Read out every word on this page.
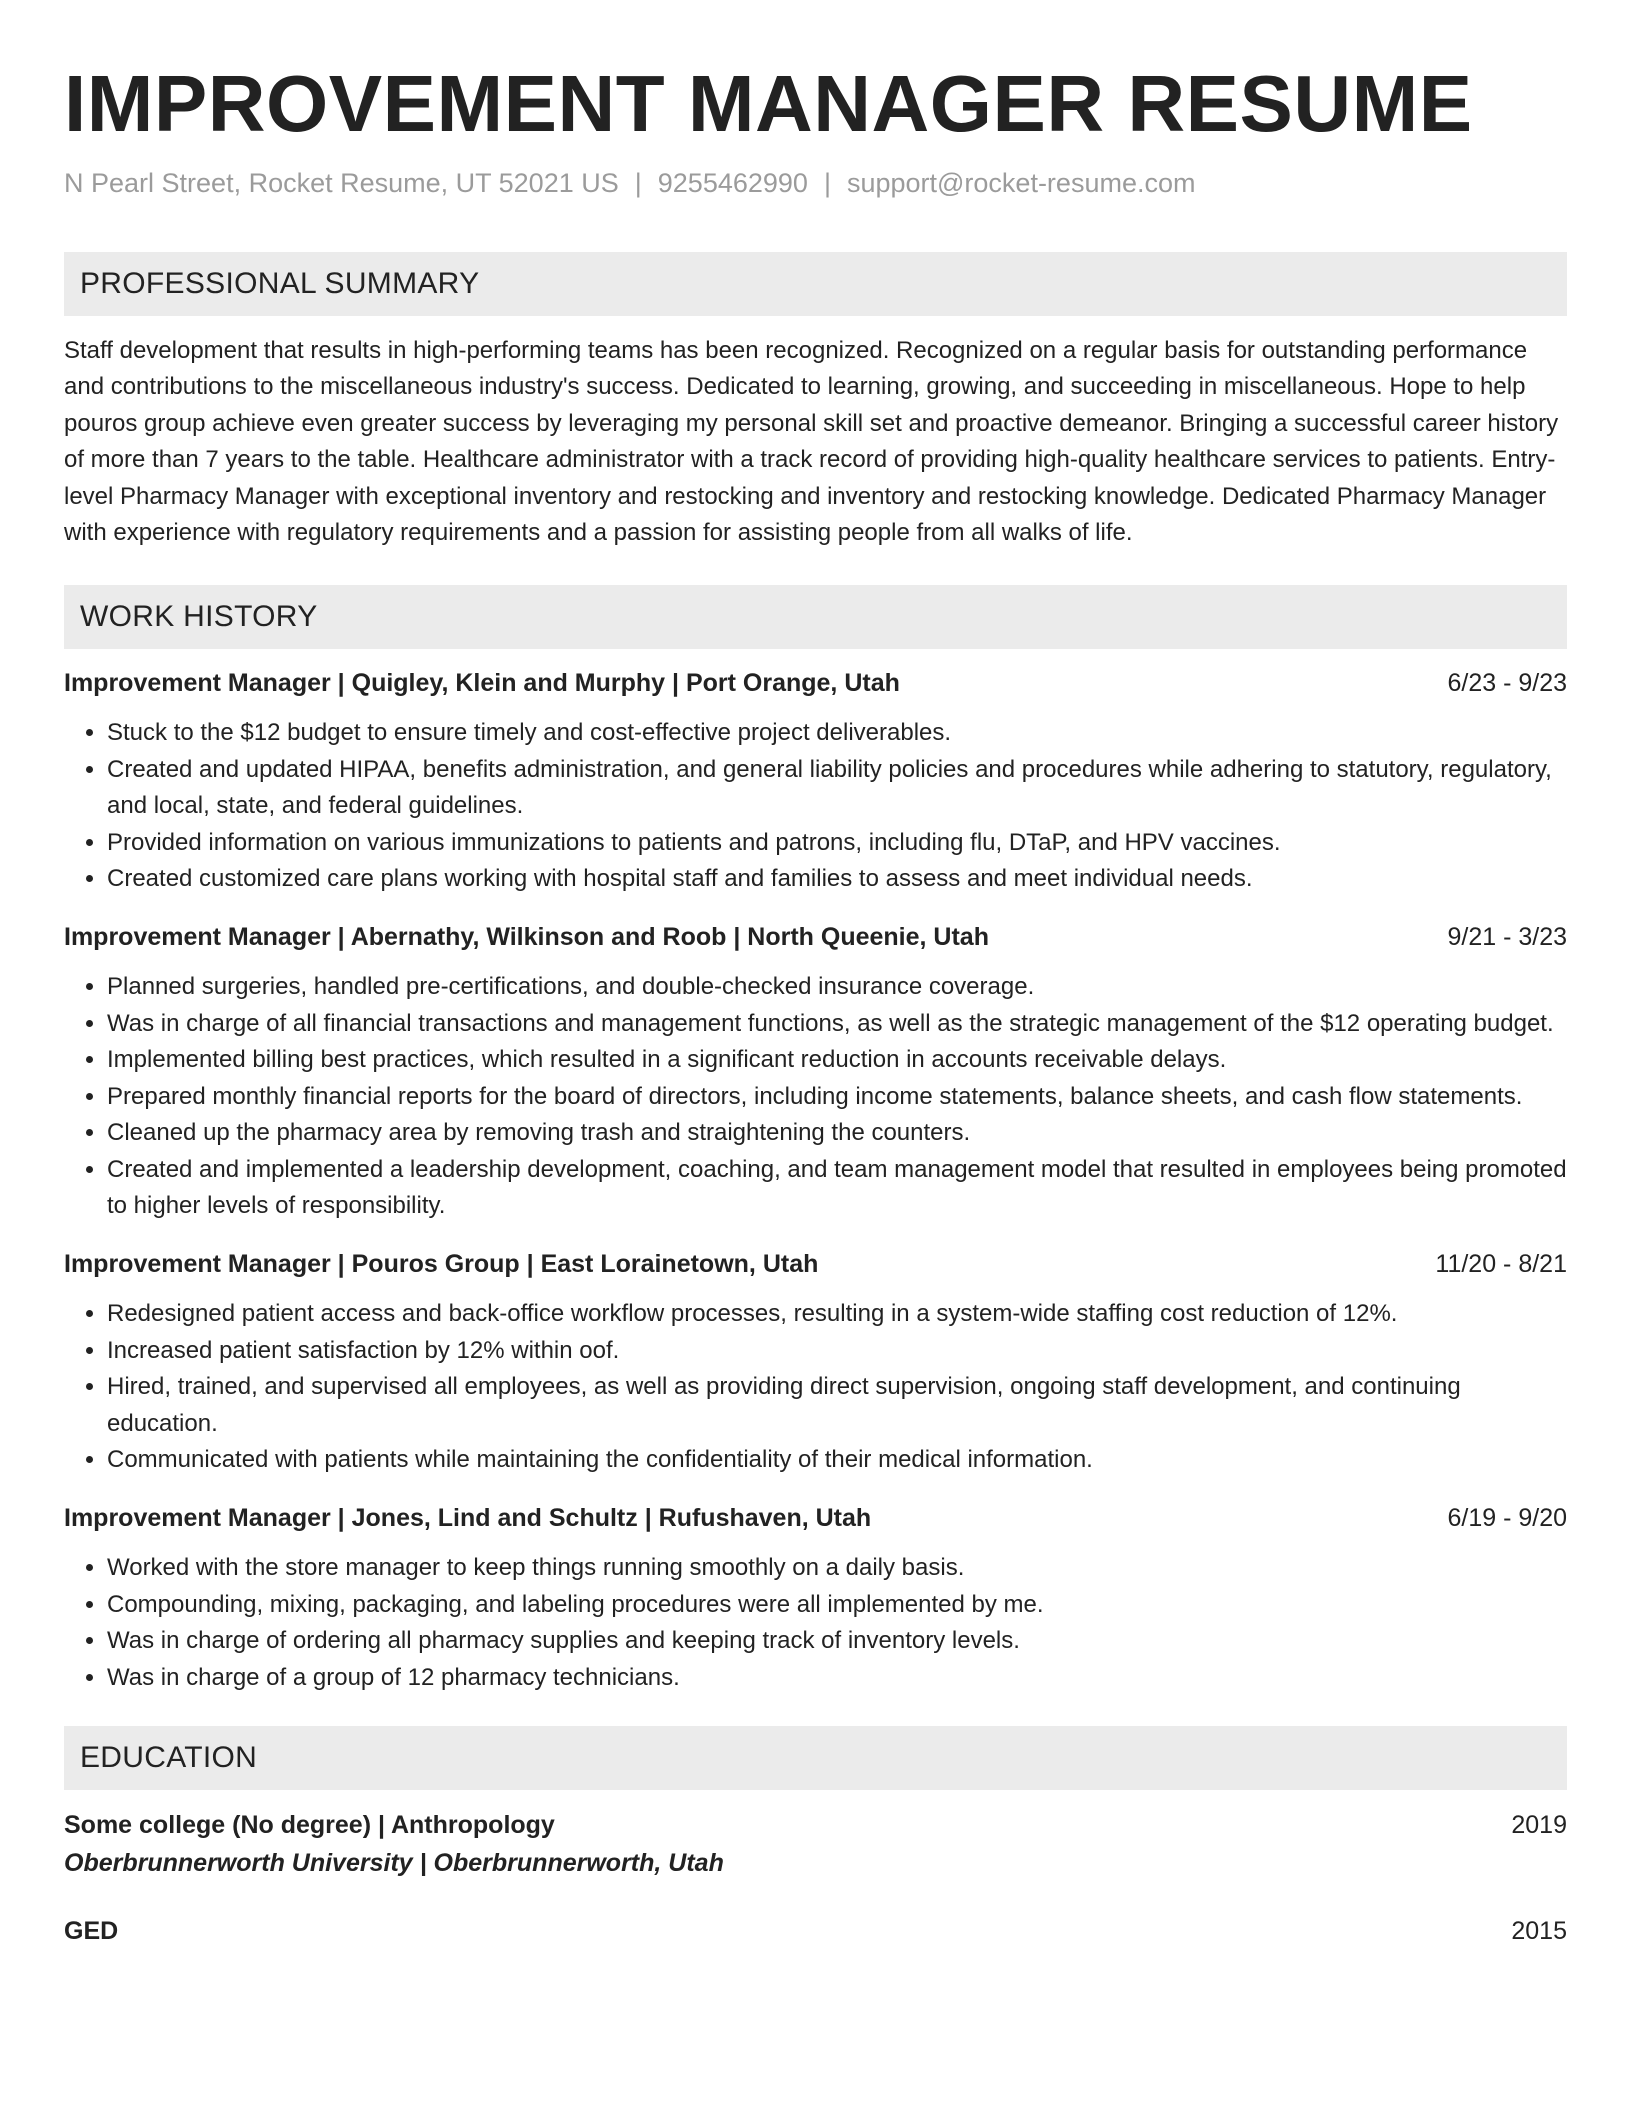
IMPROVEMENT MANAGER RESUME
N Pearl Street, Rocket Resume, UT 52021 US | 9255462990 | support@rocket-resume.com
PROFESSIONAL SUMMARY
Staff development that results in high-performing teams has been recognized. Recognized on a regular basis for outstanding performance and contributions to the miscellaneous industry's success. Dedicated to learning, growing, and succeeding in miscellaneous. Hope to help pouros group achieve even greater success by leveraging my personal skill set and proactive demeanor. Bringing a successful career history of more than 7 years to the table. Healthcare administrator with a track record of providing high-quality healthcare services to patients. Entry-level Pharmacy Manager with exceptional inventory and restocking and inventory and restocking knowledge. Dedicated Pharmacy Manager with experience with regulatory requirements and a passion for assisting people from all walks of life.
WORK HISTORY
Improvement Manager | Quigley, Klein and Murphy | Port Orange, Utah	6/23 - 9/23
• Stuck to the $12 budget to ensure timely and cost-effective project deliverables.
• Created and updated HIPAA, benefits administration, and general liability policies and procedures while adhering to statutory, regulatory, and local, state, and federal guidelines.
• Provided information on various immunizations to patients and patrons, including flu, DTaP, and HPV vaccines.
• Created customized care plans working with hospital staff and families to assess and meet individual needs.
Improvement Manager | Abernathy, Wilkinson and Roob | North Queenie, Utah	9/21 - 3/23
• Planned surgeries, handled pre-certifications, and double-checked insurance coverage.
• Was in charge of all financial transactions and management functions, as well as the strategic management of the $12 operating budget.
• Implemented billing best practices, which resulted in a significant reduction in accounts receivable delays.
• Prepared monthly financial reports for the board of directors, including income statements, balance sheets, and cash flow statements.
• Cleaned up the pharmacy area by removing trash and straightening the counters.
• Created and implemented a leadership development, coaching, and team management model that resulted in employees being promoted to higher levels of responsibility.
Improvement Manager | Pouros Group | East Lorainetown, Utah	11/20 - 8/21
• Redesigned patient access and back-office workflow processes, resulting in a system-wide staffing cost reduction of 12%.
• Increased patient satisfaction by 12% within oof.
• Hired, trained, and supervised all employees, as well as providing direct supervision, ongoing staff development, and continuing education.
• Communicated with patients while maintaining the confidentiality of their medical information.
Improvement Manager | Jones, Lind and Schultz | Rufushaven, Utah	6/19 - 9/20
• Worked with the store manager to keep things running smoothly on a daily basis.
• Compounding, mixing, packaging, and labeling procedures were all implemented by me.
• Was in charge of ordering all pharmacy supplies and keeping track of inventory levels.
• Was in charge of a group of 12 pharmacy technicians.
EDUCATION
Some college (No degree) | Anthropology	2019
Oberbrunnerworth University | Oberbrunnerworth, Utah
GED	2015
